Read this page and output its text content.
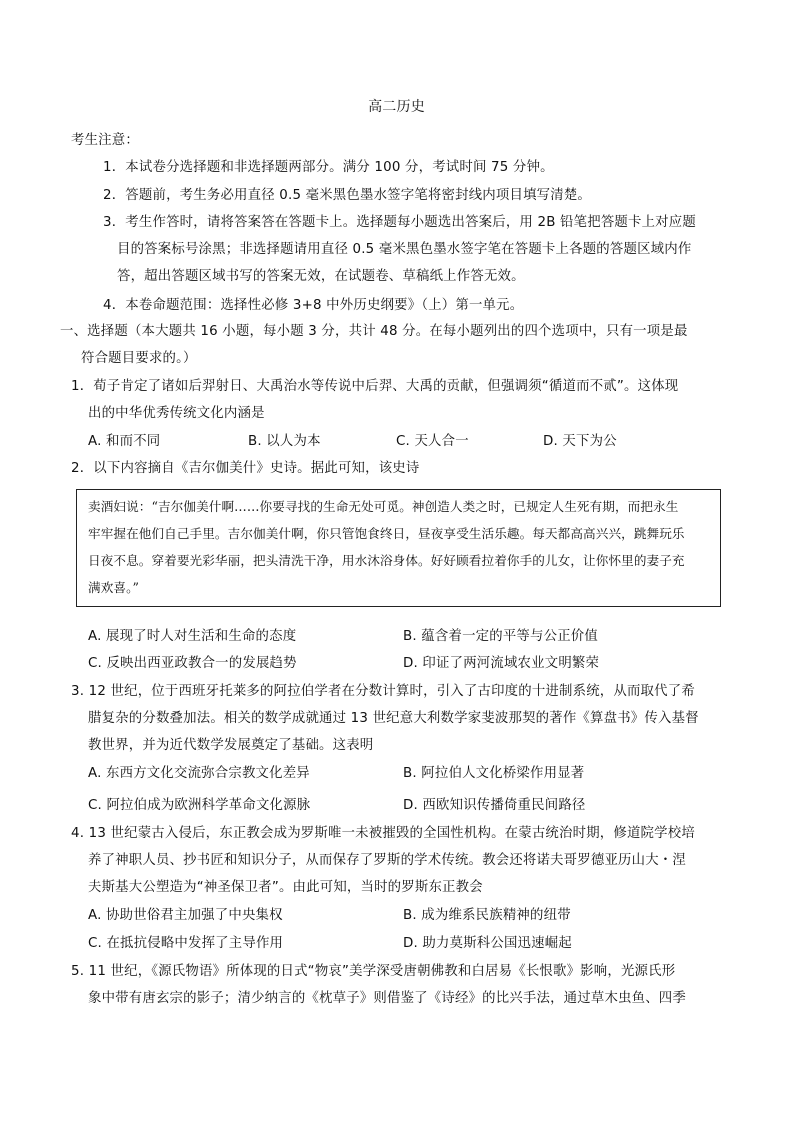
高二历史
考生注意：
1．本试卷分选择题和非选择题两部分。满分 100 分，考试时间 75 分钟。
2．答题前，考生务必用直径 0.5 毫米黑色墨水签字笔将密封线内项目填写清楚。
3．考生作答时，请将答案答在答题卡上。选择题每小题选出答案后，用 2B 铅笔把答题卡上对应题
目的答案标号涂黑；非选择题请用直径 0.5 毫米黑色墨水签字笔在答题卡上各题的答题区域内作
答，超出答题区域书写的答案无效，在试题卷、草稿纸上作答无效。
4．本卷命题范围：选择性必修 3+8 中外历史纲要》（上）第一单元。
一、选择题（本大题共 16 小题，每小题 3 分，共计 48 分。在每小题列出的四个选项中，只有一项是最
符合题目要求的。）
1．荀子肯定了诸如后羿射日、大禹治水等传说中后羿、大禹的贡献，但强调须“循道而不贰”。这体现
出的中华优秀传统文化内涵是
A. 和而不同	B. 以人为本	C. 天人合一	D. 天下为公
2．以下内容摘自《吉尔伽美什》史诗。据此可知，该史诗
卖酒妇说：“吉尔伽美什啊……你要寻找的生命无处可觅。神创造人类之时，已规定人生死有期，而把永生
牢牢握在他们自己手里。吉尔伽美什啊，你只管饱食终日，昼夜享受生活乐趣。每天都高高兴兴，跳舞玩乐
日夜不息。穿着要光彩华丽，把头清洗干净，用水沐浴身体。好好顾看拉着你手的儿女，让你怀里的妻子充
满欢喜。”
A. 展现了时人对生活和生命的态度	B. 蕴含着一定的平等与公正价值
C. 反映出西亚政教合一的发展趋势	D. 印证了两河流域农业文明繁荣
3. 12 世纪，位于西班牙托莱多的阿拉伯学者在分数计算时，引入了古印度的十进制系统，从而取代了希
腊复杂的分数叠加法。相关的数学成就通过 13 世纪意大利数学家斐波那契的著作《算盘书》传入基督
教世界，并为近代数学发展奠定了基础。这表明
A. 东西方文化交流弥合宗教文化差异	B. 阿拉伯人文化桥梁作用显著
C. 阿拉伯成为欧洲科学革命文化源脉	D. 西欧知识传播倚重民间路径
4. 13 世纪蒙古入侵后，东正教会成为罗斯唯一未被摧毁的全国性机构。在蒙古统治时期，修道院学校培
养了神职人员、抄书匠和知识分子，从而保存了罗斯的学术传统。教会还将诺夫哥罗德亚历山大・涅
夫斯基大公塑造为“神圣保卫者”。由此可知，当时的罗斯东正教会
A. 协助世俗君主加强了中央集权	B. 成为维系民族精神的纽带
C. 在抵抗侵略中发挥了主导作用	D. 助力莫斯科公国迅速崛起
5. 11 世纪，《源氏物语》所体现的日式“物哀”美学深受唐朝佛教和白居易《长恨歌》影响，光源氏形
象中带有唐玄宗的影子；清少纳言的《枕草子》则借鉴了《诗经》的比兴手法，通过草木虫鱼、四季
